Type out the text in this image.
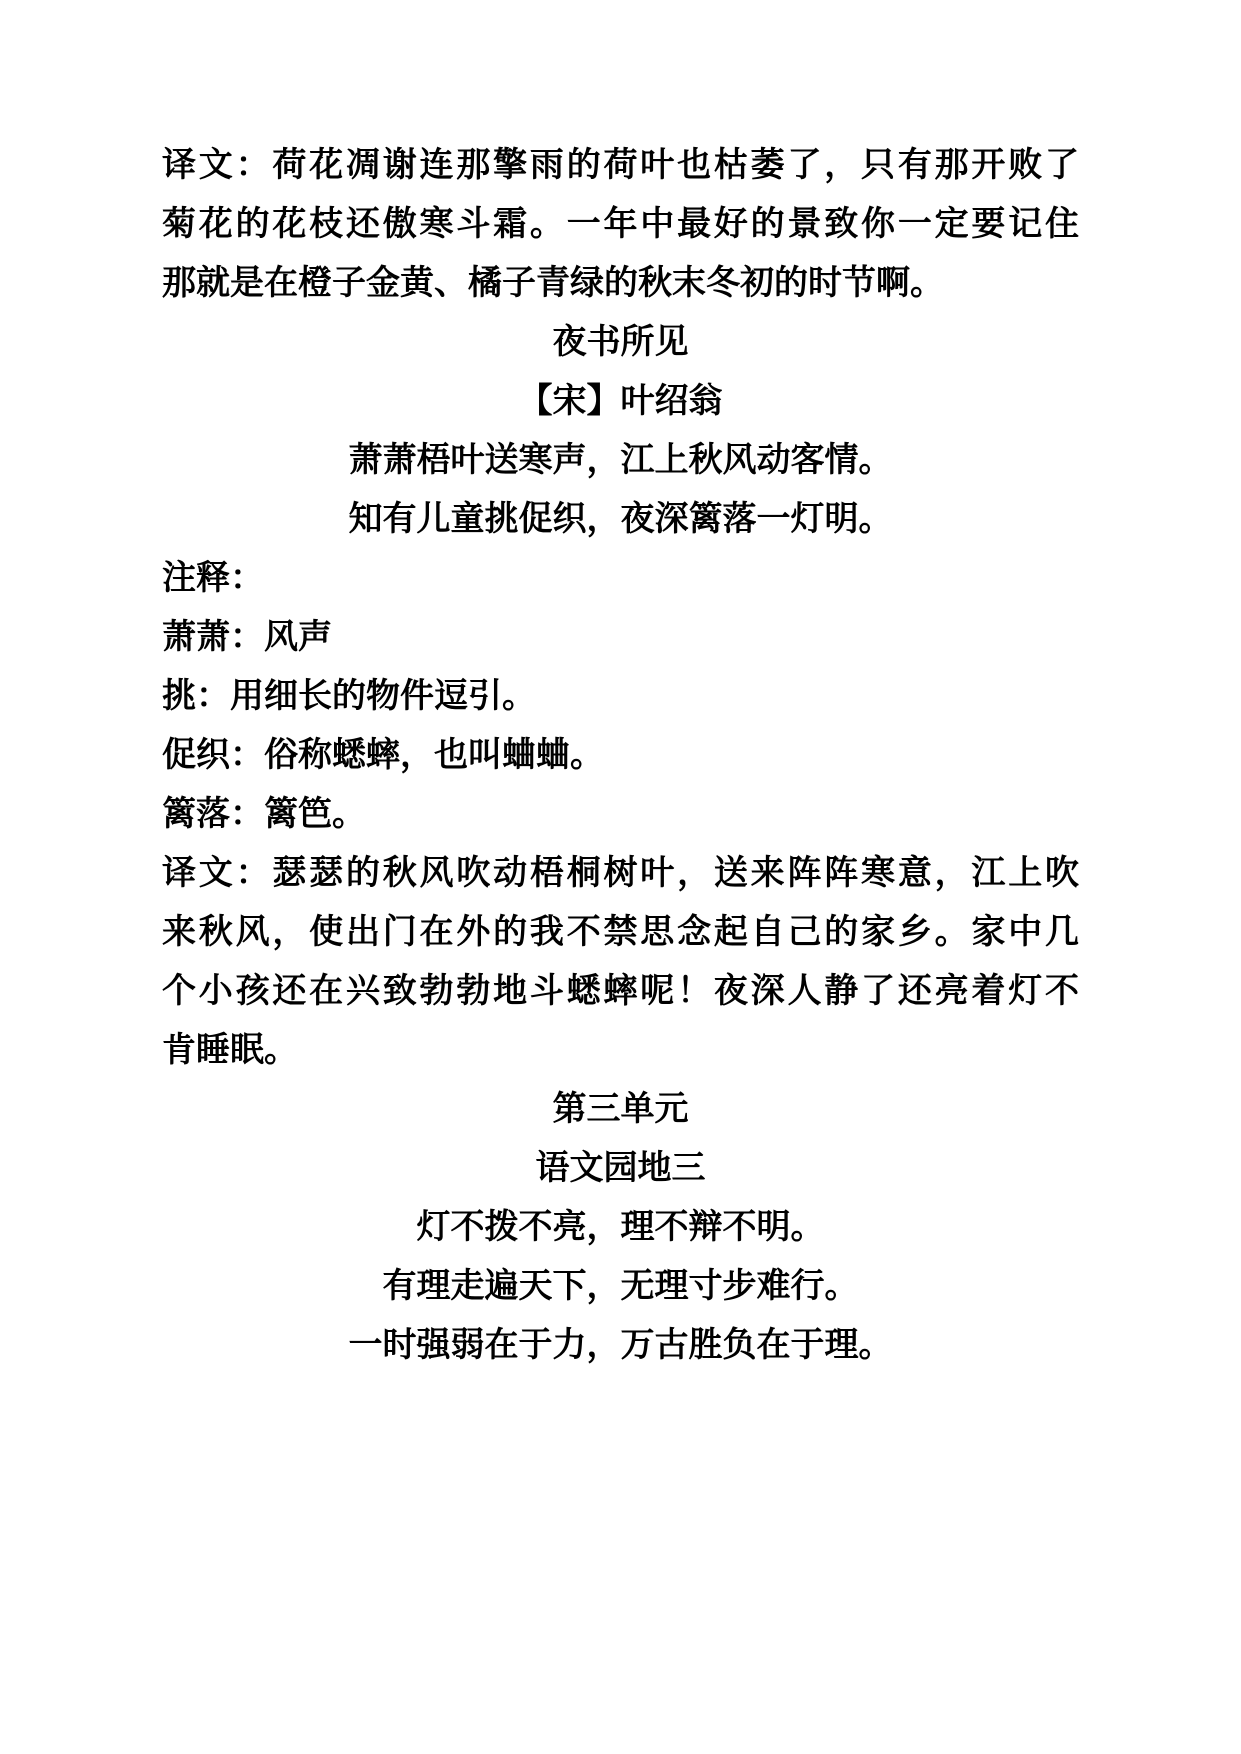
译文：荷花凋谢连那擎雨的荷叶也枯萎了，只有那开败了
菊花的花枝还傲寒斗霜。一年中最好的景致你一定要记住
那就是在橙子金黄、橘子青绿的秋末冬初的时节啊。
夜书所见
【宋】叶绍翁
萧萧梧叶送寒声，江上秋风动客情。
知有儿童挑促织，夜深篱落一灯明。
注释：
萧萧：风声
挑：用细长的物件逗引。
促织：俗称蟋蟀，也叫蛐蛐。
篱落：篱笆。
译文：瑟瑟的秋风吹动梧桐树叶，送来阵阵寒意，江上吹
来秋风，使出门在外的我不禁思念起自己的家乡。家中几
个小孩还在兴致勃勃地斗蟋蟀呢！夜深人静了还亮着灯不
肯睡眠。
第三单元
语文园地三
灯不拨不亮，理不辩不明。
有理走遍天下，无理寸步难行。
一时强弱在于力，万古胜负在于理。
